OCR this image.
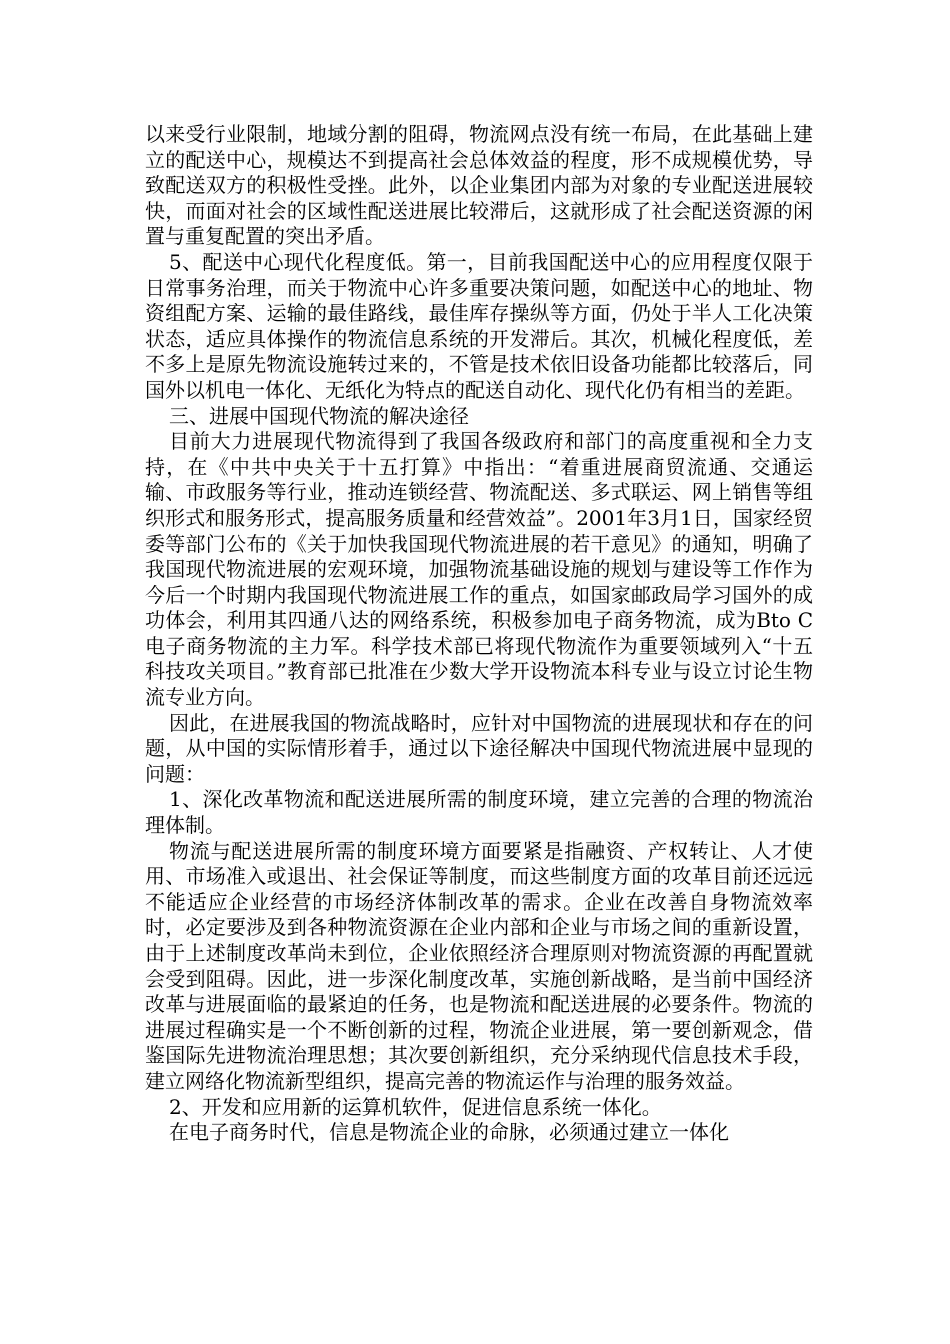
以来受行业限制，地域分割的阻碍，物流网点没有统一布局，在此基础上建立的配送中心，规模达不到提高社会总体效益的程度，形不成规模优势，导致配送双方的积极性受挫。此外，以企业集团内部为对象的专业配送进展较快，而面对社会的区域性配送进展比较滞后，这就形成了社会配送资源的闲置与重复配置的突出矛盾。

5、配送中心现代化程度低。第一，目前我国配送中心的应用程度仅限于日常事务治理，而关于物流中心许多重要决策问题，如配送中心的地址、物资组配方案、运输的最佳路线，最佳库存操纵等方面，仍处于半人工化决策状态，适应具体操作的物流信息系统的开发滞后。其次，机械化程度低，差不多上是原先物流设施转过来的，不管是技术依旧设备功能都比较落后，同国外以机电一体化、无纸化为特点的配送自动化、现代化仍有相当的差距。

三、进展中国现代物流的解决途径

目前大力进展现代物流得到了我国各级政府和部门的高度重视和全力支持，在《中共中央关于十五打算》中指出：“着重进展商贸流通、交通运输、市政服务等行业，推动连锁经营、物流配送、多式联运、网上销售等组织形式和服务形式，提高服务质量和经营效益”。2001年3月1日，国家经贸委等部门公布的《关于加快我国现代物流进展的若干意见》的通知，明确了我国现代物流进展的宏观环境，加强物流基础设施的规划与建设等工作作为今后一个时期内我国现代物流进展工作的重点，如国家邮政局学习国外的成功体会，利用其四通八达的网络系统，积极参加电子商务物流，成为Bto C电子商务物流的主力军。科学技术部已将现代物流作为重要领域列入“十五科技攻关项目。”教育部已批准在少数大学开设物流本科专业与设立讨论生物流专业方向。

因此，在进展我国的物流战略时，应针对中国物流的进展现状和存在的问题，从中国的实际情形着手，通过以下途径解决中国现代物流进展中显现的问题：

1、深化改革物流和配送进展所需的制度环境，建立完善的合理的物流治理体制。

物流与配送进展所需的制度环境方面要紧是指融资、产权转让、人才使用、市场准入或退出、社会保证等制度，而这些制度方面的攻革目前还远远不能适应企业经营的市场经济体制改革的需求。企业在改善自身物流效率时，必定要涉及到各种物流资源在企业内部和企业与市场之间的重新设置，由于上述制度改革尚未到位，企业依照经济合理原则对物流资源的再配置就会受到阻碍。因此，进一步深化制度改革，实施创新战略，是当前中国经济改革与进展面临的最紧迫的任务，也是物流和配送进展的必要条件。物流的进展过程确实是一个不断创新的过程，物流企业进展，第一要创新观念，借鉴国际先进物流治理思想；其次要创新组织，充分采纳现代信息技术手段，建立网络化物流新型组织，提高完善的物流运作与治理的服务效益。

2、开发和应用新的运算机软件，促进信息系统一体化。

在电子商务时代，信息是物流企业的命脉，必须通过建立一体化
